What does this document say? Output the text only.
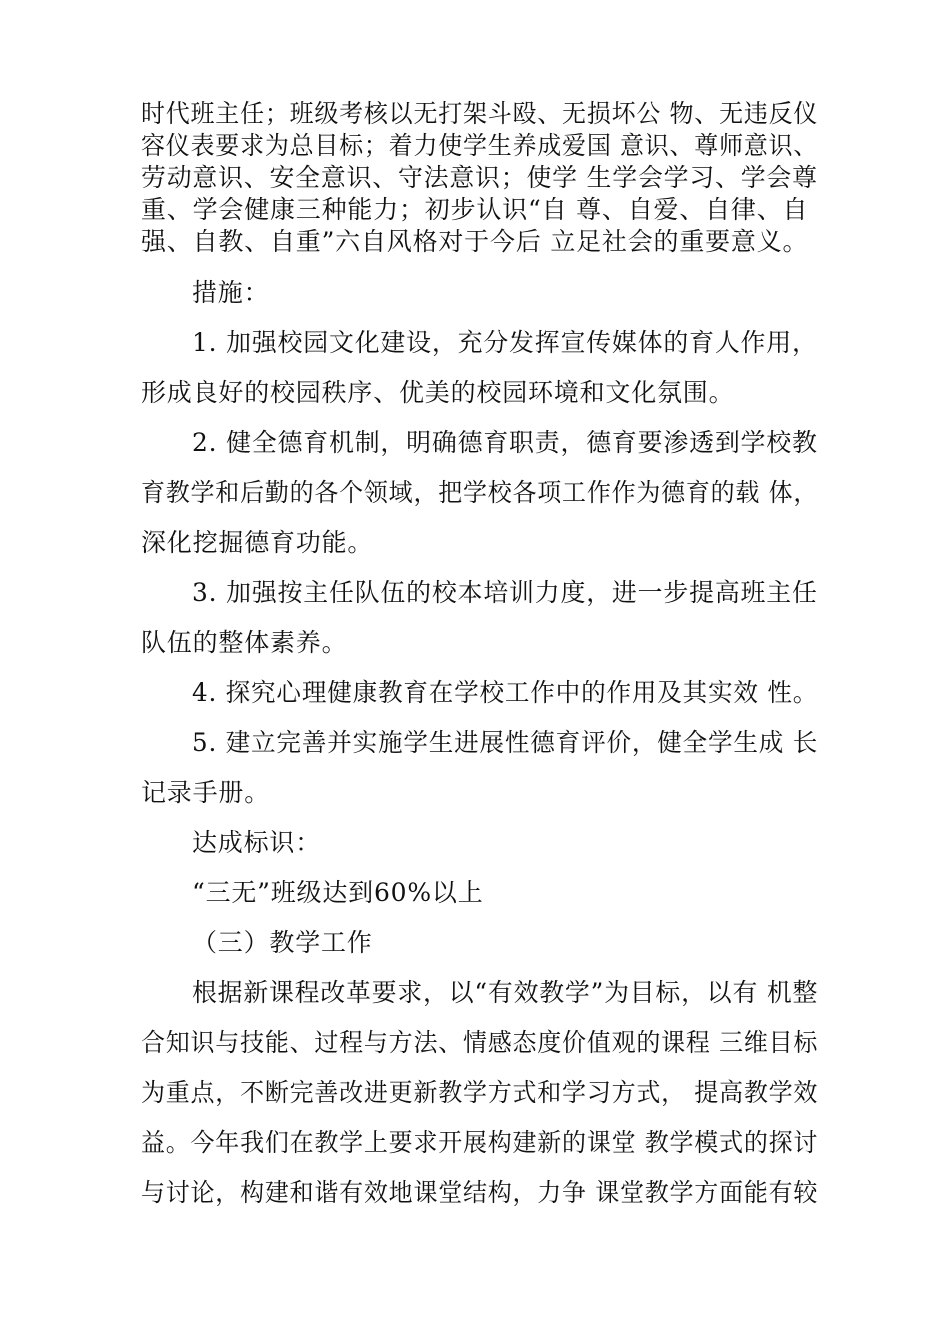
时代班主任；班级考核以无打架斗殴、无损坏公 物、无违反仪
容仪表要求为总目标；着力使学生养成爱国 意识、尊师意识、
劳动意识、安全意识、守法意识；使学 生学会学习、学会尊
重、学会健康三种能力；初步认识“自 尊、自爱、自律、自
强、自教、自重”六自风格对于今后 立足社会的重要意义。
措施：
1. 加强校园文化建设，充分发挥宣传媒体的育人作用，
形成良好的校园秩序、优美的校园环境和文化氛围。
2. 健全德育机制，明确德育职责，德育要渗透到学校教
育教学和后勤的各个领域，把学校各项工作作为德育的载 体，
深化挖掘德育功能。
3. 加强按主任队伍的校本培训力度，进一步提高班主任
队伍的整体素养。
4. 探究心理健康教育在学校工作中的作用及其实效 性。
5. 建立完善并实施学生进展性德育评价，健全学生成 长
记录手册。
达成标识：
“三无”班级达到60%以上
（三）教学工作
根据新课程改革要求，以“有效教学”为目标，以有 机整
合知识与技能、过程与方法、情感态度价值观的课程 三维目标
为重点，不断完善改进更新教学方式和学习方式， 提高教学效
益。今年我们在教学上要求开展构建新的课堂 教学模式的探讨
与讨论，构建和谐有效地课堂结构，力争 课堂教学方面能有较
